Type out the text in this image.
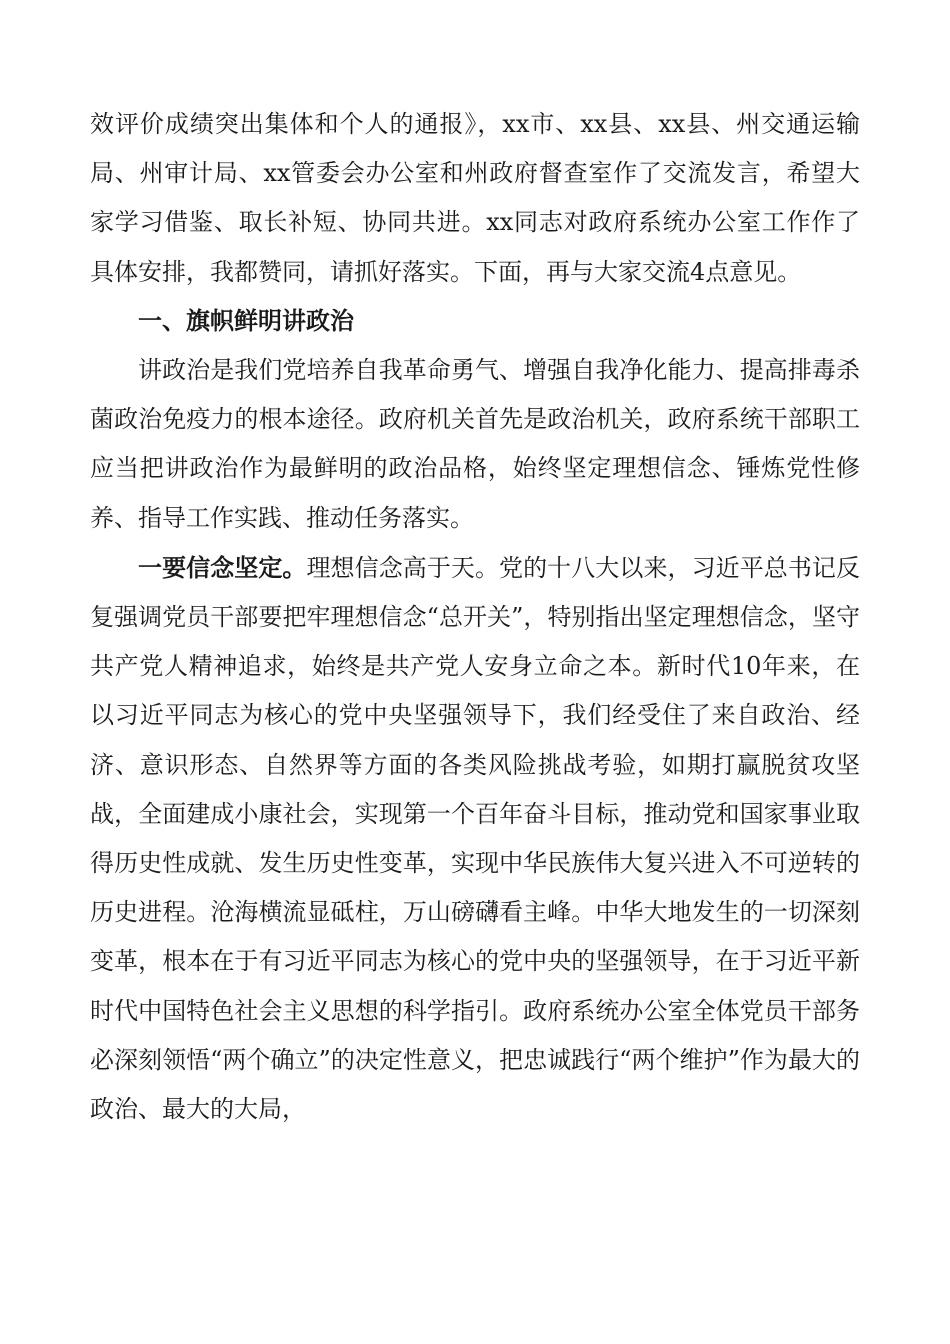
效评价成绩突出集体和个人的通报》，xx市、xx县、xx县、州交通运输局、州审计局、xx管委会办公室和州政府督查室作了交流发言，希望大家学习借鉴、取长补短、协同共进。xx同志对政府系统办公室工作作了具体安排，我都赞同，请抓好落实。下面，再与大家交流4点意见。

一、旗帜鲜明讲政治

讲政治是我们党培养自我革命勇气、增强自我净化能力、提高排毒杀菌政治免疫力的根本途径。政府机关首先是政治机关，政府系统干部职工应当把讲政治作为最鲜明的政治品格，始终坚定理想信念、锤炼党性修养、指导工作实践、推动任务落实。

一要信念坚定。理想信念高于天。党的十八大以来，习近平总书记反复强调党员干部要把牢理想信念“总开关”，特别指出坚定理想信念，坚守共产党人精神追求，始终是共产党人安身立命之本。新时代10年来，在以习近平同志为核心的党中央坚强领导下，我们经受住了来自政治、经济、意识形态、自然界等方面的各类风险挑战考验，如期打赢脱贫攻坚战，全面建成小康社会，实现第一个百年奋斗目标，推动党和国家事业取得历史性成就、发生历史性变革，实现中华民族伟大复兴进入不可逆转的历史进程。沧海横流显砥柱，万山磅礴看主峰。中华大地发生的一切深刻变革，根本在于有习近平同志为核心的党中央的坚强领导，在于习近平新时代中国特色社会主义思想的科学指引。政府系统办公室全体党员干部务必深刻领悟“两个确立”的决定性意义，把忠诚践行“两个维护”作为最大的政治、最大的大局，
